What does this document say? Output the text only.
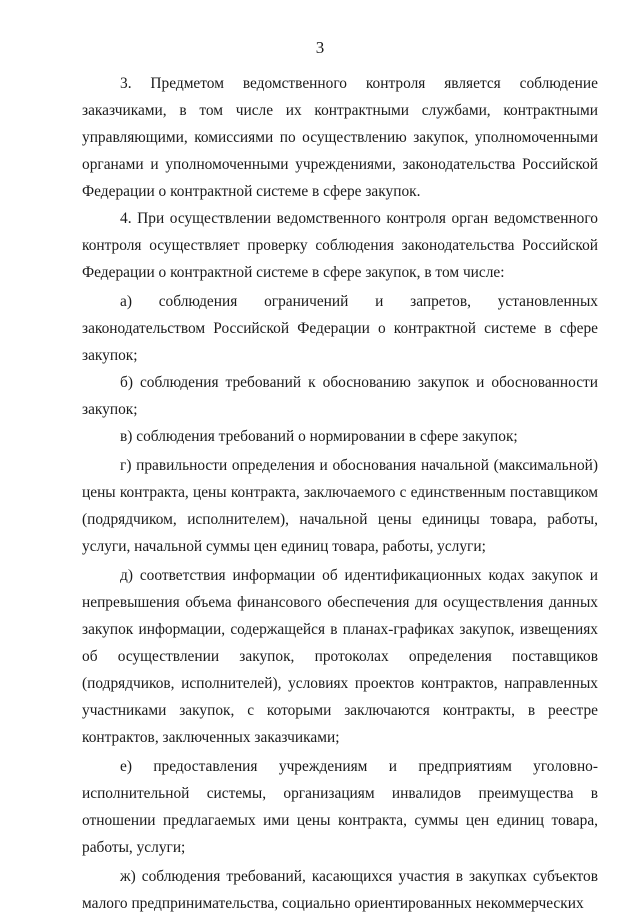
3

3. Предметом ведомственного контроля является соблюдение заказчиками, в том числе их контрактными службами, контрактными управляющими, комиссиями по осуществлению закупок, уполномоченными органами и уполномоченными учреждениями, законодательства Российской Федерации о контрактной системе в сфере закупок.

4. При осуществлении ведомственного контроля орган ведомственного контроля осуществляет проверку соблюдения законодательства Российской Федерации о контрактной системе в сфере закупок, в том числе:

а) соблюдения ограничений и запретов, установленных законодательством Российской Федерации о контрактной системе в сфере закупок;

б) соблюдения требований к обоснованию закупок и обоснованности закупок;

в) соблюдения требований о нормировании в сфере закупок;

г) правильности определения и обоснования начальной (максимальной) цены контракта, цены контракта, заключаемого с единственным поставщиком (подрядчиком, исполнителем), начальной цены единицы товара, работы, услуги, начальной суммы цен единиц товара, работы, услуги;

д) соответствия информации об идентификационных кодах закупок и непревышения объема финансового обеспечения для осуществления данных закупок информации, содержащейся в планах-графиках закупок, извещениях об осуществлении закупок, протоколах определения поставщиков (подрядчиков, исполнителей), условиях проектов контрактов, направленных участниками закупок, с которыми заключаются контракты, в реестре контрактов, заключенных заказчиками;

е) предоставления учреждениям и предприятиям уголовно-исполнительной системы, организациям инвалидов преимущества в отношении предлагаемых ими цены контракта, суммы цен единиц товара, работы, услуги;

ж) соблюдения требований, касающихся участия в закупках субъектов малого предпринимательства, социально ориентированных некоммерческих
